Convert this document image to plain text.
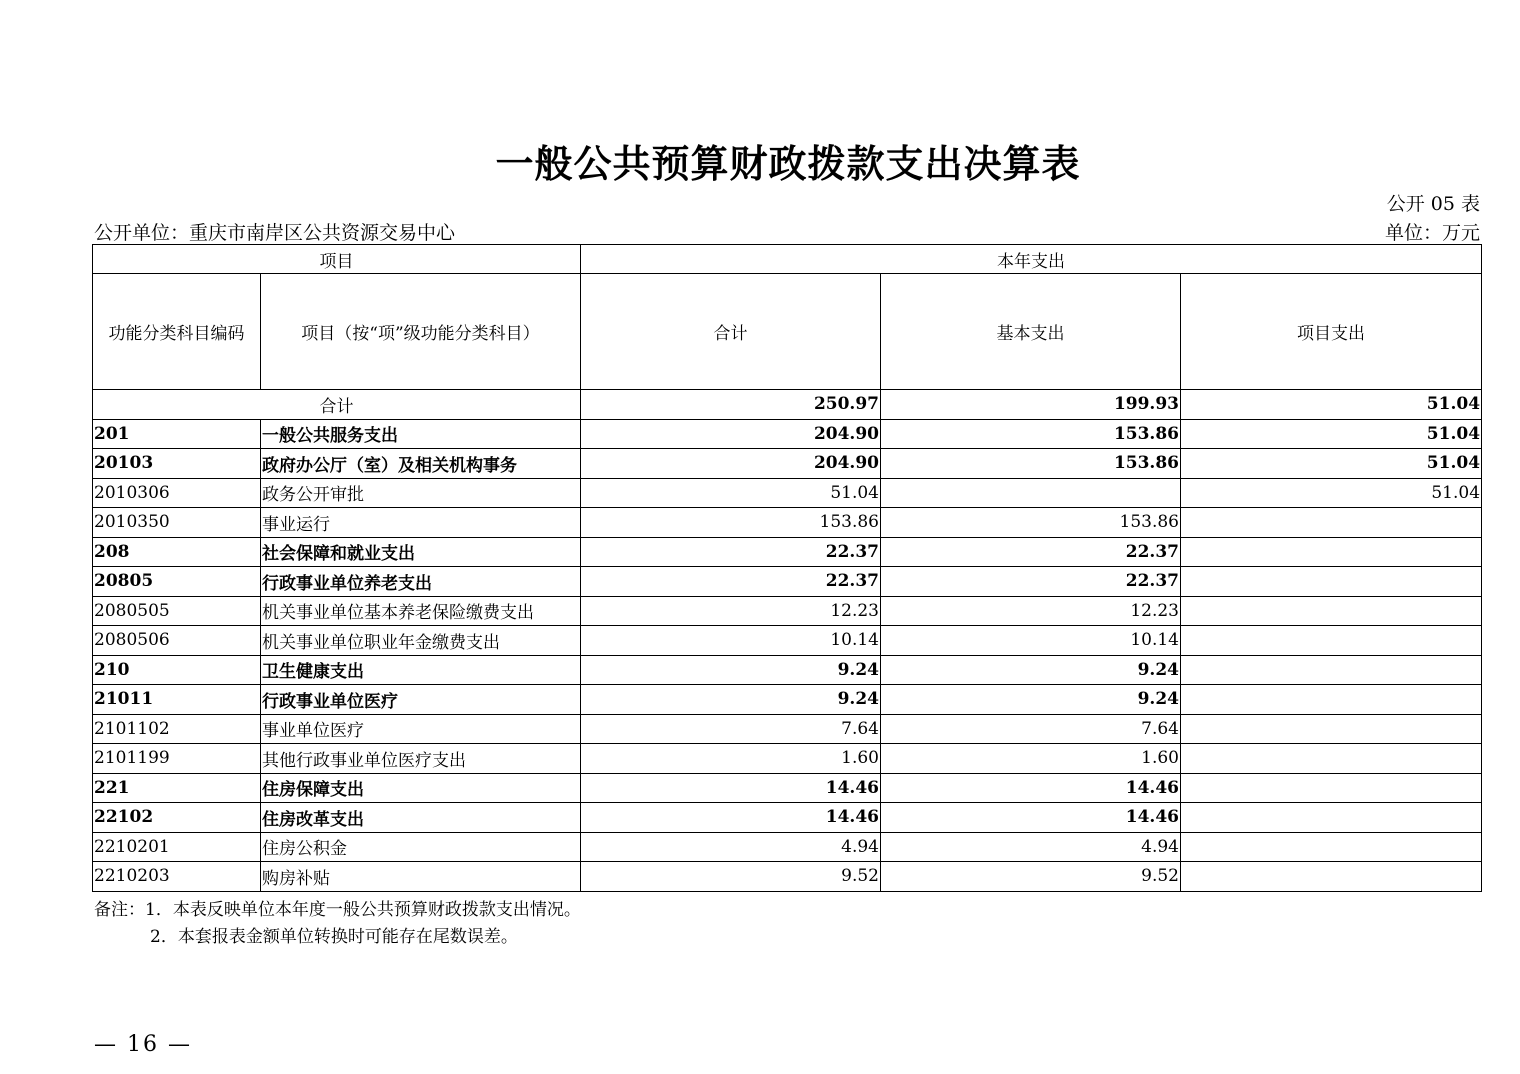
一般公共预算财政拨款支出决算表
公开 05 表
公开单位：重庆市南岸区公共资源交易中心	单位：万元
项目		本年支出		
功能分类科目编码	项目（按“项”级功能分类科目）	合计	基本支出	项目支出
合计		250.97	199.93	51.04
201	一般公共服务支出	204.90	153.86	51.04
20103	政府办公厅（室）及相关机构事务	204.90	153.86	51.04
2010306	政务公开审批	51.04		51.04
2010350	事业运行	153.86	153.86	
208	社会保障和就业支出	22.37	22.37	
20805	行政事业单位养老支出	22.37	22.37	
2080505	机关事业单位基本养老保险缴费支出	12.23	12.23	
2080506	机关事业单位职业年金缴费支出	10.14	10.14	
210	卫生健康支出	9.24	9.24	
21011	行政事业单位医疗	9.24	9.24	
2101102	事业单位医疗	7.64	7.64	
2101199	其他行政事业单位医疗支出	1.60	1.60	
221	住房保障支出	14.46	14.46	
22102	住房改革支出	14.46	14.46	
2210201	住房公积金	4.94	4.94	
2210203	购房补贴	9.52	9.52	
备注：1．本表反映单位本年度一般公共预算财政拨款支出情况。
2．本套报表金额单位转换时可能存在尾数误差。
— 16 —
